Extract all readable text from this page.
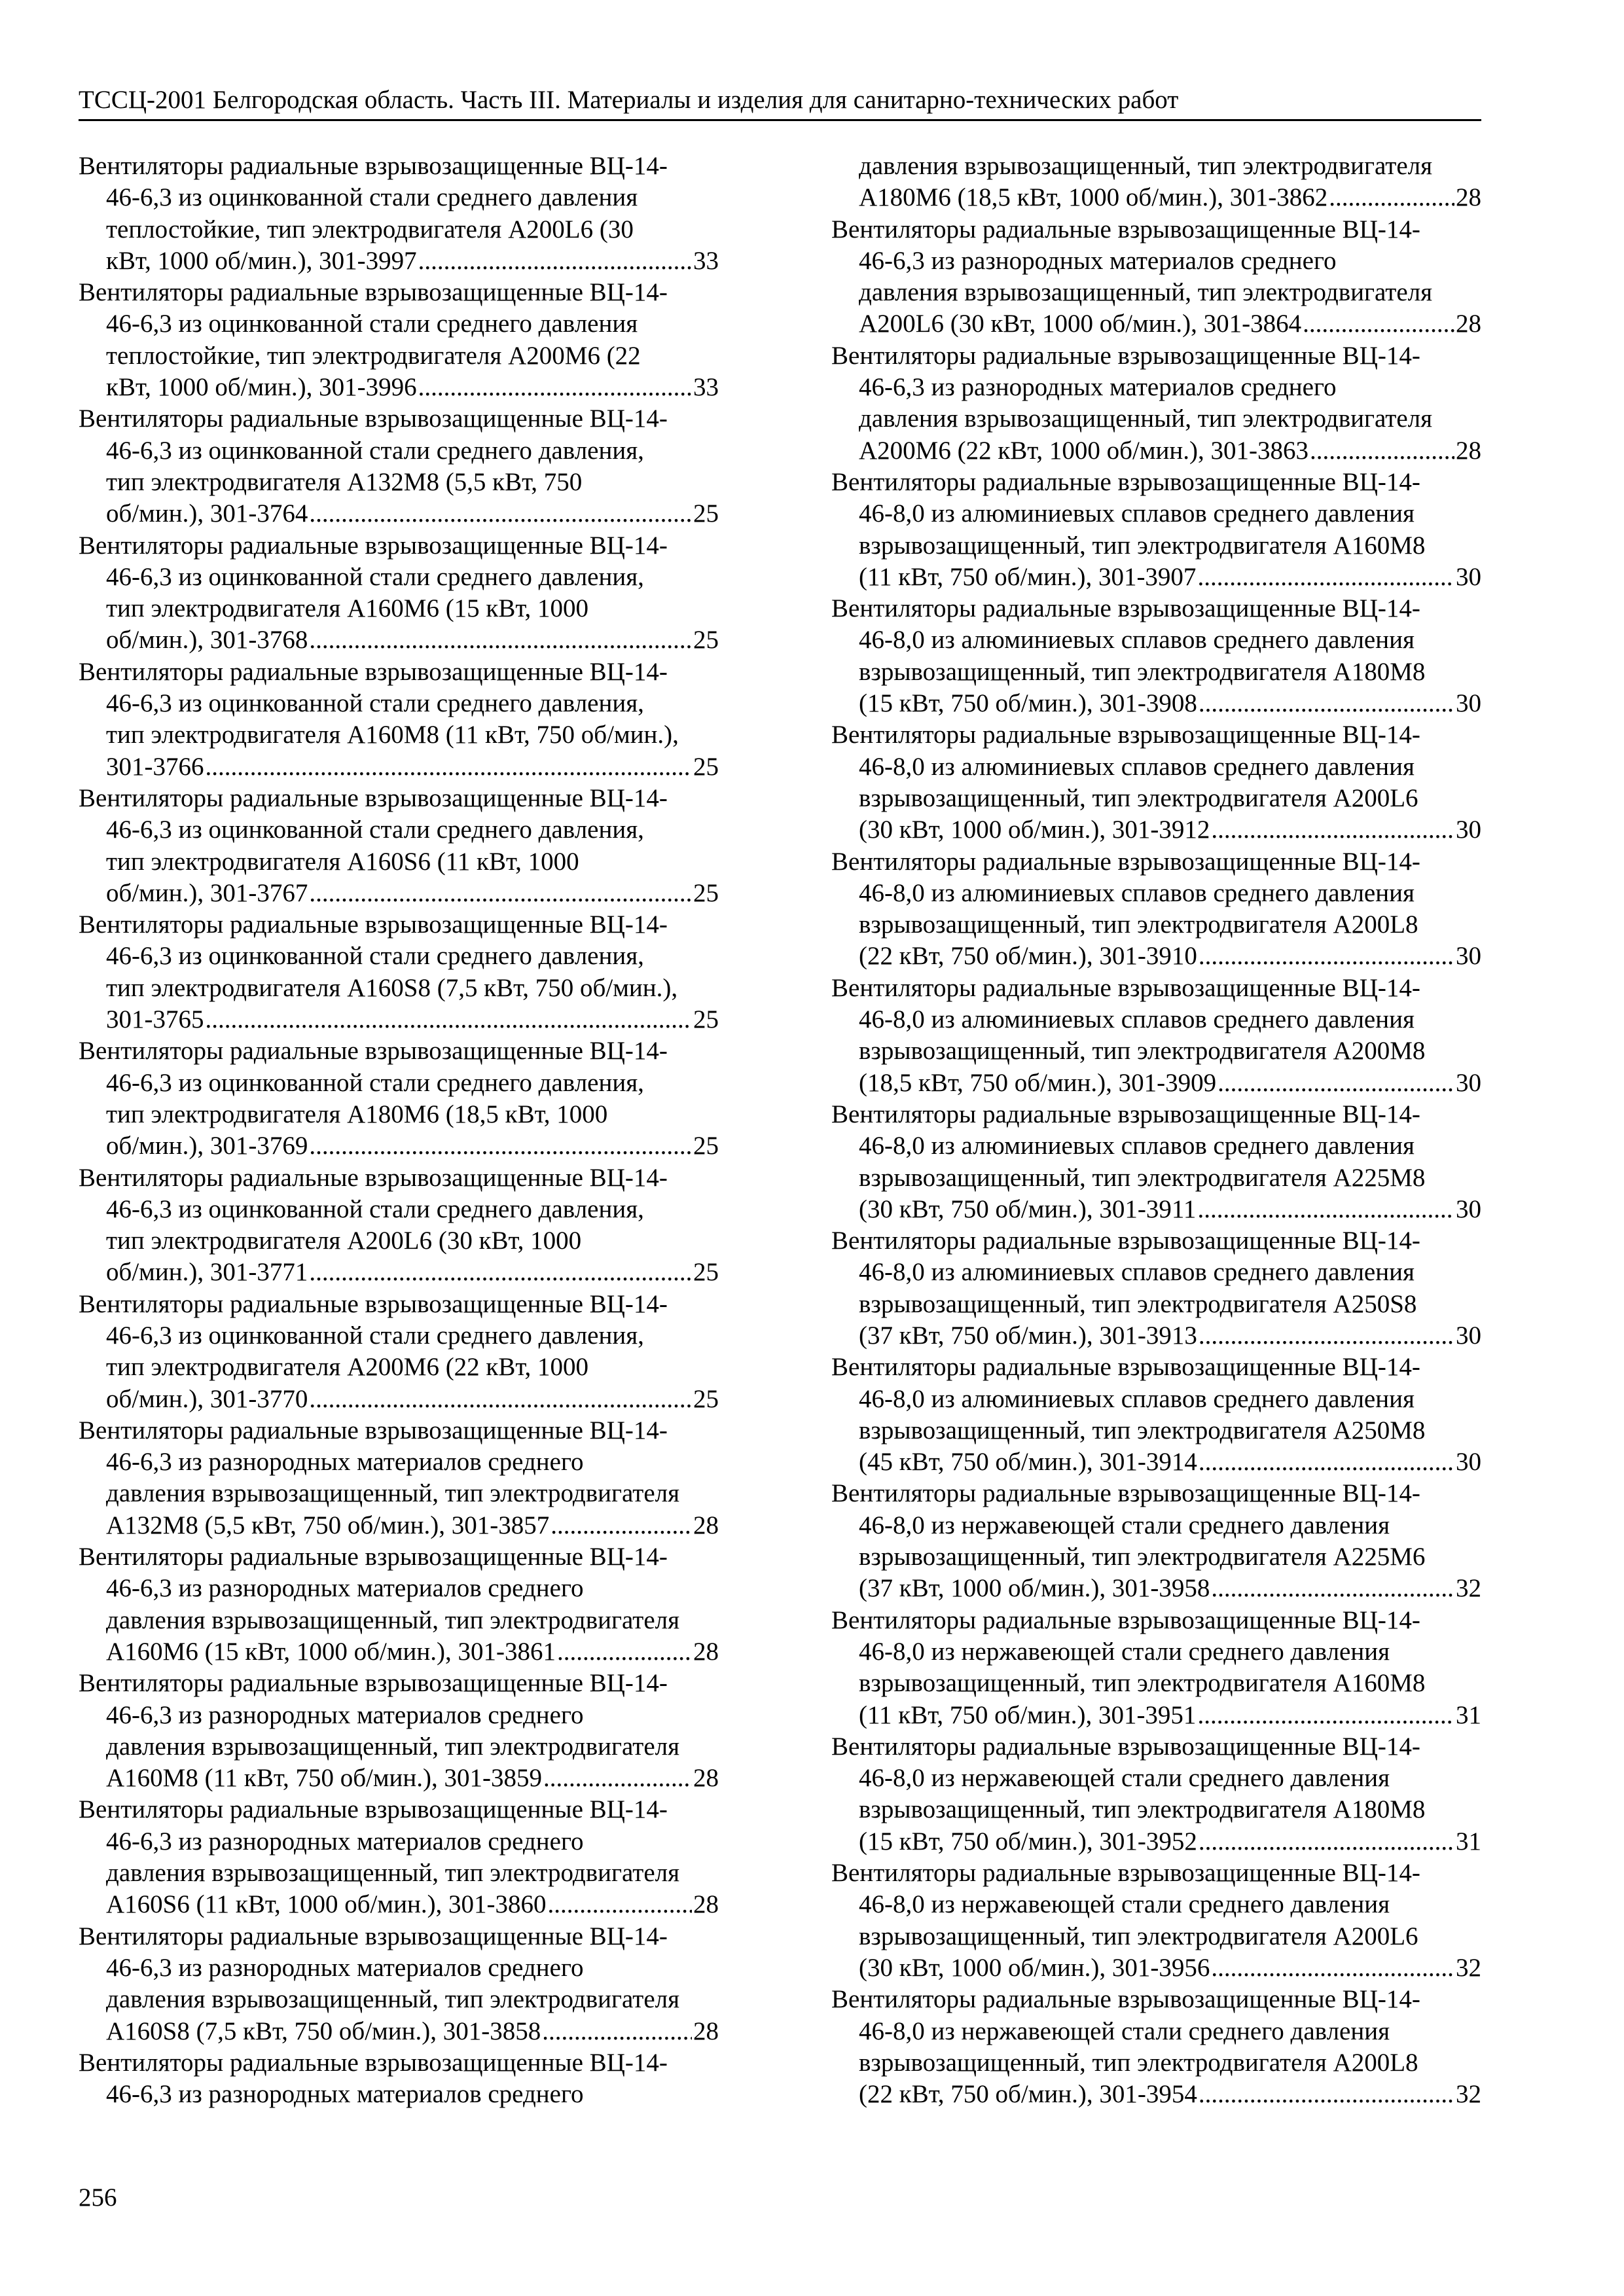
ТССЦ-2001 Белгородская область. Часть III. Материалы и изделия для санитарно-технических работ
Вентиляторы радиальные взрывозащищенные ВЦ-14-
46-6,3 из оцинкованной стали среднего давления
теплостойкие, тип электродвигателя А200L6 (30
кВт, 1000 об/мин.), 301-3997 .....	33
Вентиляторы радиальные взрывозащищенные ВЦ-14-
46-6,3 из оцинкованной стали среднего давления
теплостойкие, тип электродвигателя А200М6 (22
кВт, 1000 об/мин.), 301-3996 .....	33
Вентиляторы радиальные взрывозащищенные ВЦ-14-
46-6,3 из оцинкованной стали среднего давления,
тип электродвигателя А132М8 (5,5 кВт, 750
об/мин.), 301-3764 .....	25
Вентиляторы радиальные взрывозащищенные ВЦ-14-
46-6,3 из оцинкованной стали среднего давления,
тип электродвигателя А160М6 (15 кВт, 1000
об/мин.), 301-3768 .....	25
Вентиляторы радиальные взрывозащищенные ВЦ-14-
46-6,3 из оцинкованной стали среднего давления,
тип электродвигателя А160М8 (11 кВт, 750 об/мин.),
301-3766 .....	25
Вентиляторы радиальные взрывозащищенные ВЦ-14-
46-6,3 из оцинкованной стали среднего давления,
тип электродвигателя А160S6 (11 кВт, 1000
об/мин.), 301-3767 .....	25
Вентиляторы радиальные взрывозащищенные ВЦ-14-
46-6,3 из оцинкованной стали среднего давления,
тип электродвигателя А160S8 (7,5 кВт, 750 об/мин.),
301-3765 .....	25
Вентиляторы радиальные взрывозащищенные ВЦ-14-
46-6,3 из оцинкованной стали среднего давления,
тип электродвигателя А180М6 (18,5 кВт, 1000
об/мин.), 301-3769 .....	25
Вентиляторы радиальные взрывозащищенные ВЦ-14-
46-6,3 из оцинкованной стали среднего давления,
тип электродвигателя А200L6 (30 кВт, 1000
об/мин.), 301-3771 .....	25
Вентиляторы радиальные взрывозащищенные ВЦ-14-
46-6,3 из оцинкованной стали среднего давления,
тип электродвигателя А200М6 (22 кВт, 1000
об/мин.), 301-3770 .....	25
Вентиляторы радиальные взрывозащищенные ВЦ-14-
46-6,3 из разнородных материалов среднего
давления взрывозащищенный, тип электродвигателя
А132М8 (5,5 кВт, 750 об/мин.), 301-3857 .....	28
Вентиляторы радиальные взрывозащищенные ВЦ-14-
46-6,3 из разнородных материалов среднего
давления взрывозащищенный, тип электродвигателя
А160М6 (15 кВт, 1000 об/мин.), 301-3861 .....	28
Вентиляторы радиальные взрывозащищенные ВЦ-14-
46-6,3 из разнородных материалов среднего
давления взрывозащищенный, тип электродвигателя
А160М8 (11 кВт, 750 об/мин.), 301-3859 .....	28
Вентиляторы радиальные взрывозащищенные ВЦ-14-
46-6,3 из разнородных материалов среднего
давления взрывозащищенный, тип электродвигателя
А160S6 (11 кВт, 1000 об/мин.), 301-3860 .....	28
Вентиляторы радиальные взрывозащищенные ВЦ-14-
46-6,3 из разнородных материалов среднего
давления взрывозащищенный, тип электродвигателя
А160S8 (7,5 кВт, 750 об/мин.), 301-3858 .....	28
Вентиляторы радиальные взрывозащищенные ВЦ-14-
46-6,3 из разнородных материалов среднего
давления взрывозащищенный, тип электродвигателя
А180М6 (18,5 кВт, 1000 об/мин.), 301-3862 .....	28
Вентиляторы радиальные взрывозащищенные ВЦ-14-
46-6,3 из разнородных материалов среднего
давления взрывозащищенный, тип электродвигателя
А200L6 (30 кВт, 1000 об/мин.), 301-3864 .....	28
Вентиляторы радиальные взрывозащищенные ВЦ-14-
46-6,3 из разнородных материалов среднего
давления взрывозащищенный, тип электродвигателя
А200М6 (22 кВт, 1000 об/мин.), 301-3863 .....	28
Вентиляторы радиальные взрывозащищенные ВЦ-14-
46-8,0 из алюминиевых сплавов среднего давления
взрывозащищенный, тип электродвигателя А160М8
(11 кВт, 750 об/мин.), 301-3907 .....	30
Вентиляторы радиальные взрывозащищенные ВЦ-14-
46-8,0 из алюминиевых сплавов среднего давления
взрывозащищенный, тип электродвигателя А180М8
(15 кВт, 750 об/мин.), 301-3908 .....	30
Вентиляторы радиальные взрывозащищенные ВЦ-14-
46-8,0 из алюминиевых сплавов среднего давления
взрывозащищенный, тип электродвигателя А200L6
(30 кВт, 1000 об/мин.), 301-3912 .....	30
Вентиляторы радиальные взрывозащищенные ВЦ-14-
46-8,0 из алюминиевых сплавов среднего давления
взрывозащищенный, тип электродвигателя А200L8
(22 кВт, 750 об/мин.), 301-3910 .....	30
Вентиляторы радиальные взрывозащищенные ВЦ-14-
46-8,0 из алюминиевых сплавов среднего давления
взрывозащищенный, тип электродвигателя А200М8
(18,5 кВт, 750 об/мин.), 301-3909 .....	30
Вентиляторы радиальные взрывозащищенные ВЦ-14-
46-8,0 из алюминиевых сплавов среднего давления
взрывозащищенный, тип электродвигателя А225М8
(30 кВт, 750 об/мин.), 301-3911 .....	30
Вентиляторы радиальные взрывозащищенные ВЦ-14-
46-8,0 из алюминиевых сплавов среднего давления
взрывозащищенный, тип электродвигателя А250S8
(37 кВт, 750 об/мин.), 301-3913 .....	30
Вентиляторы радиальные взрывозащищенные ВЦ-14-
46-8,0 из алюминиевых сплавов среднего давления
взрывозащищенный, тип электродвигателя А250М8
(45 кВт, 750 об/мин.), 301-3914 .....	30
Вентиляторы радиальные взрывозащищенные ВЦ-14-
46-8,0 из нержавеющей стали среднего давления
взрывозащищенный, тип электродвигателя А225М6
(37 кВт, 1000 об/мин.), 301-3958 .....	32
Вентиляторы радиальные взрывозащищенные ВЦ-14-
46-8,0 из нержавеющей стали среднего давления
взрывозащищенный, тип электродвигателя А160М8
(11 кВт, 750 об/мин.), 301-3951 .....	31
Вентиляторы радиальные взрывозащищенные ВЦ-14-
46-8,0 из нержавеющей стали среднего давления
взрывозащищенный, тип электродвигателя А180М8
(15 кВт, 750 об/мин.), 301-3952 .....	31
Вентиляторы радиальные взрывозащищенные ВЦ-14-
46-8,0 из нержавеющей стали среднего давления
взрывозащищенный, тип электродвигателя А200L6
(30 кВт, 1000 об/мин.), 301-3956 .....	32
Вентиляторы радиальные взрывозащищенные ВЦ-14-
46-8,0 из нержавеющей стали среднего давления
взрывозащищенный, тип электродвигателя А200L8
(22 кВт, 750 об/мин.), 301-3954 .....	32
256
